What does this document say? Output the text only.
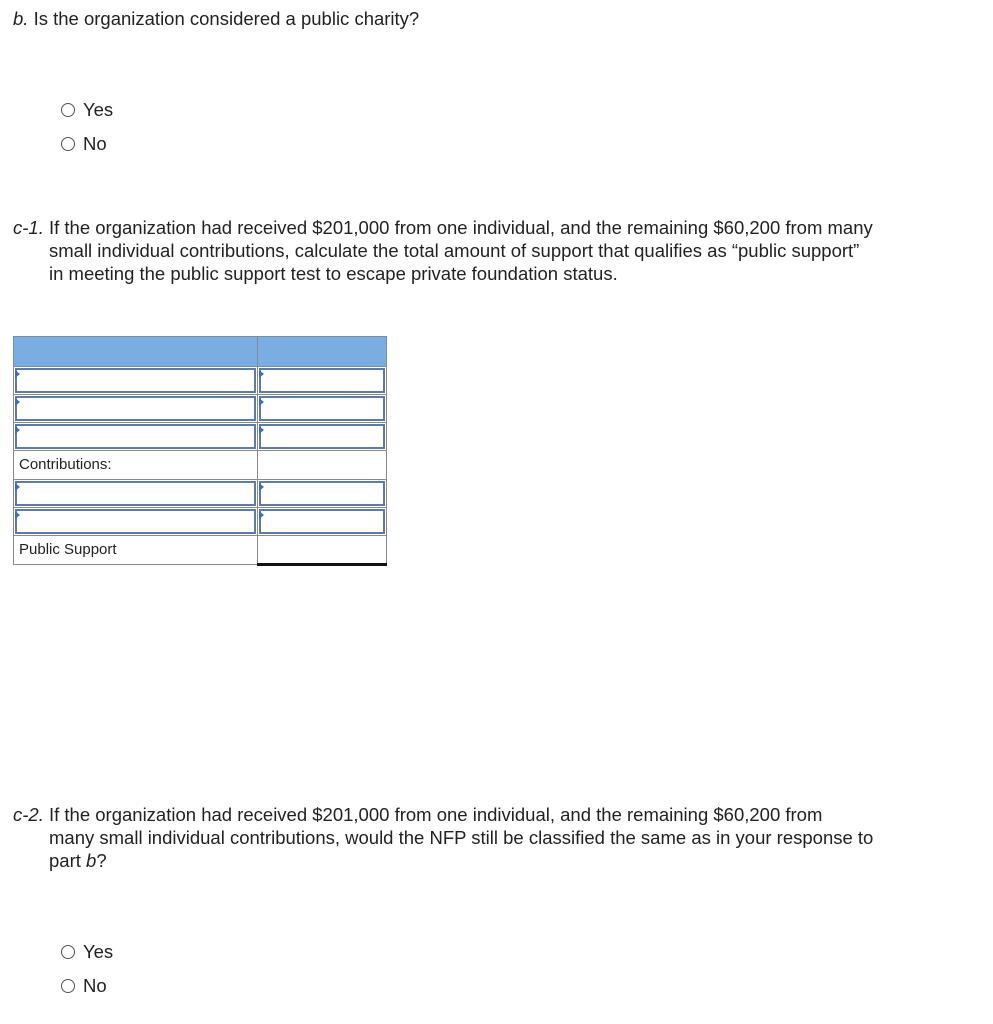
b. Is the organization considered a public charity?
Yes
No
c-1. If the organization had received $201,000 from one individual, and the remaining $60,200 from many
small individual contributions, calculate the total amount of support that qualifies as “public support”
in meeting the public support test to escape private foundation status.

Contributions:	

Public Support	

c-2. If the organization had received $201,000 from one individual, and the remaining $60,200 from
many small individual contributions, would the NFP still be classified the same as in your response to
part b?
Yes
No
